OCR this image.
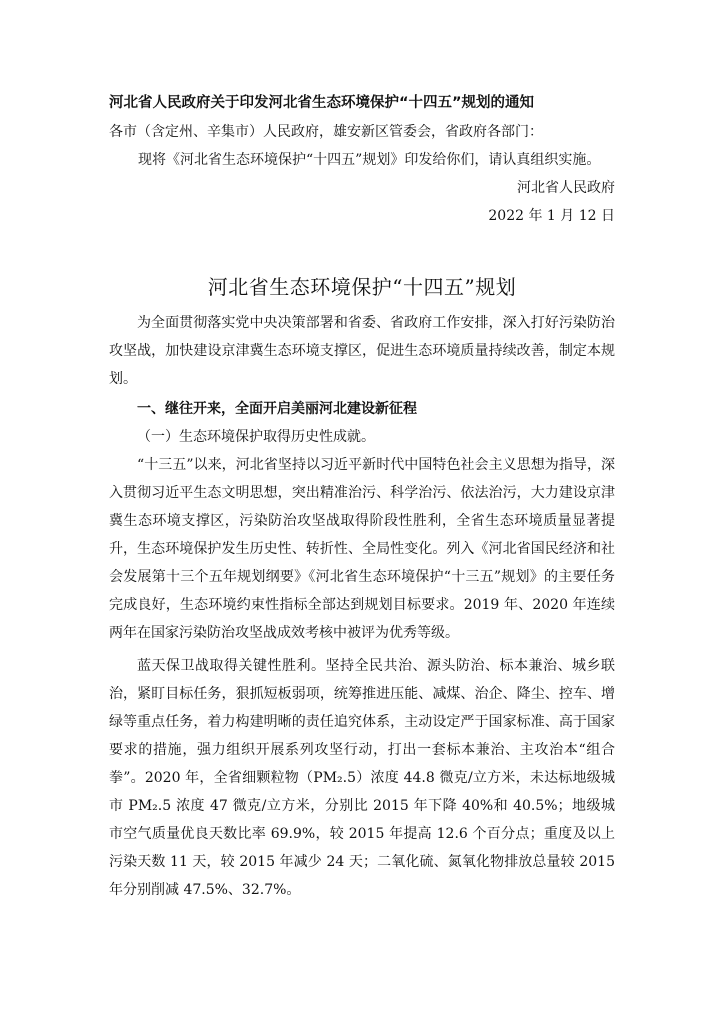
河北省人民政府关于印发河北省生态环境保护“十四五”规划的通知
各市（含定州、辛集市）人民政府，雄安新区管委会，省政府各部门：
现将《河北省生态环境保护“十四五”规划》印发给你们，请认真组织实施。
河北省人民政府
2022 年 1 月 12 日
河北省生态环境保护“十四五”规划

为全面贯彻落实党中央决策部署和省委、省政府工作安排，深入打好污染防治攻坚战，加快建设京津冀生态环境支撑区，促进生态环境质量持续改善，制定本规划。

一、继往开来，全面开启美丽河北建设新征程

（一）生态环境保护取得历史性成就。

“十三五”以来，河北省坚持以习近平新时代中国特色社会主义思想为指导，深入贯彻习近平生态文明思想，突出精准治污、科学治污、依法治污，大力建设京津冀生态环境支撑区，污染防治攻坚战取得阶段性胜利，全省生态环境质量显著提升，生态环境保护发生历史性、转折性、全局性变化。列入《河北省国民经济和社会发展第十三个五年规划纲要》《河北省生态环境保护“十三五”规划》的主要任务完成良好，生态环境约束性指标全部达到规划目标要求。2019 年、2020 年连续两年在国家污染防治攻坚战成效考核中被评为优秀等级。

蓝天保卫战取得关键性胜利。坚持全民共治、源头防治、标本兼治、城乡联治，紧盯目标任务，狠抓短板弱项，统筹推进压能、减煤、治企、降尘、控车、增绿等重点任务，着力构建明晰的责任追究体系，主动设定严于国家标准、高于国家要求的措施，强力组织开展系列攻坚行动，打出一套标本兼治、主攻治本“组合拳”。2020 年，全省细颗粒物（PM₂.5）浓度 44.8 微克/立方米，未达标地级城市 PM₂.5 浓度 47 微克/立方米，分别比 2015 年下降 40%和 40.5%；地级城市空气质量优良天数比率 69.9%，较 2015 年提高 12.6 个百分点；重度及以上污染天数 11 天，较 2015 年减少 24 天；二氧化硫、氮氧化物排放总量较 2015 年分别削减 47.5%、32.7%。
